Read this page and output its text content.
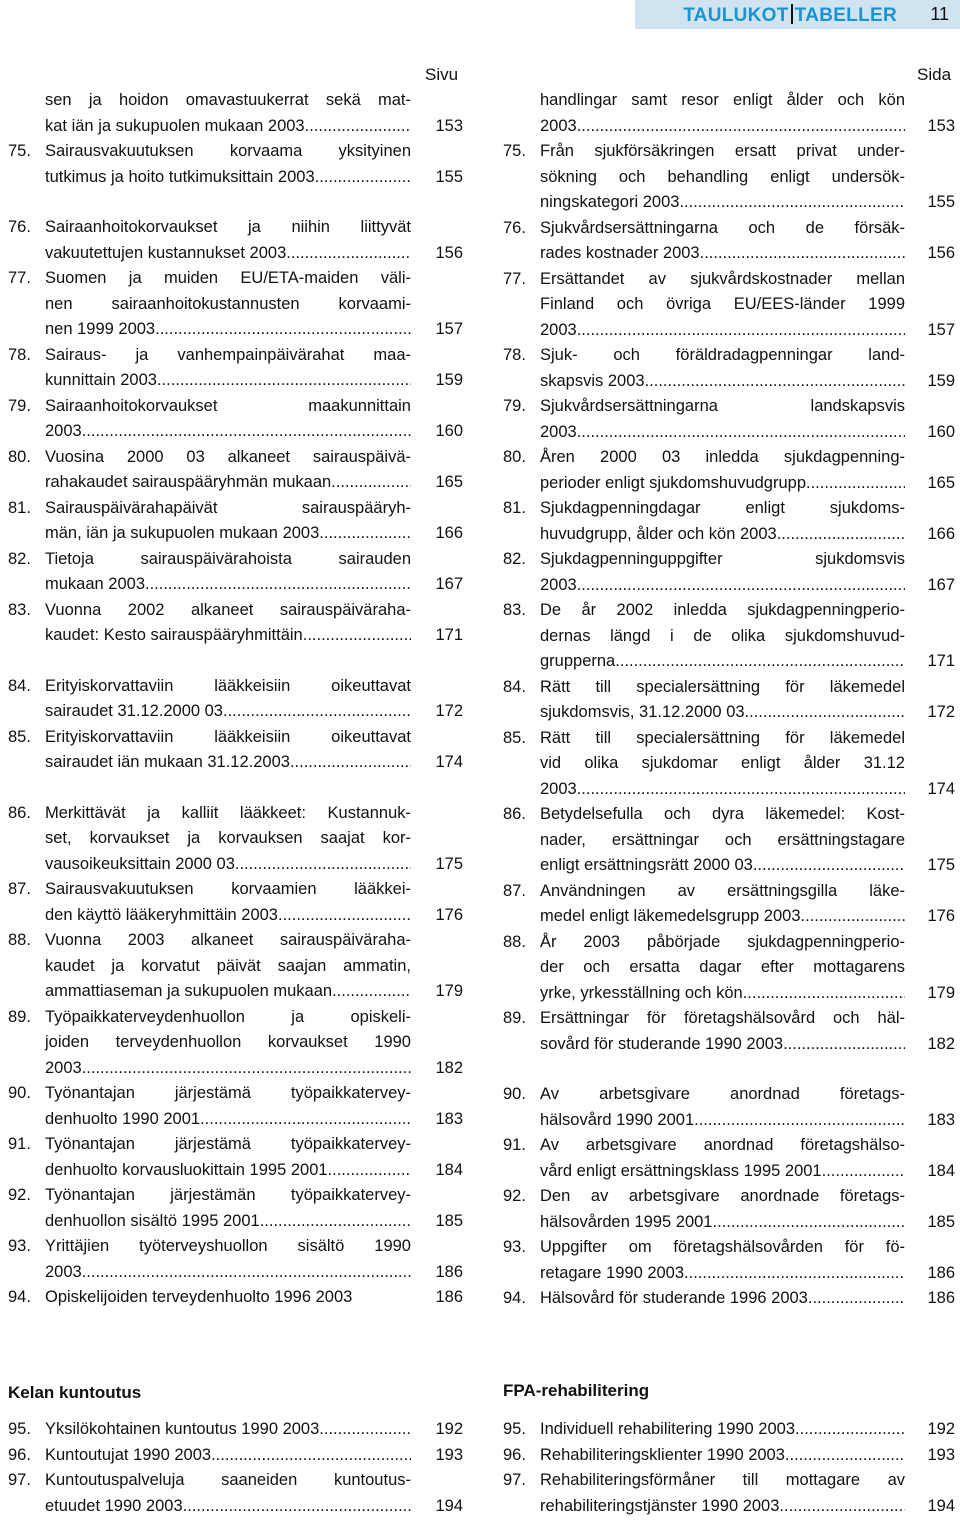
TAULUKOT TABELLER 11
Sivu	Sida
sen ja hoidon omavastuukerrat sekä mat-
kat iän ja sukupuolen mukaan 2003 .....	153
75. Sairausvakuutuksen korvaama yksityinen
tutkimus ja hoito tutkimuksittain 2003 .....	155
76. Sairaanhoitokorvaukset ja niihin liittyvät
vakuutettujen kustannukset 2003 .....	156
77. Suomen ja muiden EU/ETA-maiden väli-
nen sairaanhoitokustannusten korvaami-
nen 1999 2003 .....	157
78. Sairaus- ja vanhempainpäivärahat maa-
kunnittain 2003 .....	159
79. Sairaanhoitokorvaukset maakunnittain
2003 .....	160
80. Vuosina 2000 03 alkaneet sairauspäivä-
rahakaudet sairauspääryhmän mukaan .....	165
81. Sairauspäivärahapäivät sairauspääryh-
män, iän ja sukupuolen mukaan 2003 .....	166
82. Tietoja sairauspäivärahoista sairauden
mukaan 2003 .....	167
83. Vuonna 2002 alkaneet sairauspäiväraha-
kaudet: Kesto sairauspääryhmittäin .....	171
84. Erityiskorvattaviin lääkkeisiin oikeuttavat
sairaudet 31.12.2000 03 .....	172
85. Erityiskorvattaviin lääkkeisiin oikeuttavat
sairaudet iän mukaan 31.12.2003 .....	174
86. Merkittävät ja kalliit lääkkeet: Kustannuk-
set, korvaukset ja korvauksen saajat kor-
vausoikeuksittain 2000 03 .....	175
87. Sairausvakuutuksen korvaamien lääkkei-
den käyttö lääkeryhmittäin 2003 .....	176
88. Vuonna 2003 alkaneet sairauspäiväraha-
kaudet ja korvatut päivät saajan ammatin,
ammattiaseman ja sukupuolen mukaan .....	179
89. Työpaikkaterveydenhuollon ja opiskeli-
joiden terveydenhuollon korvaukset 1990
2003 .....	182
90. Työnantajan järjestämä työpaikkatervey-
denhuolto 1990 2001 .....	183
91. Työnantajan järjestämä työpaikkatervey-
denhuolto korvausluokittain 1995 2001 .....	184
92. Työnantajan järjestämän työpaikkatervey-
denhuollon sisältö 1995 2001 .....	185
93. Yrittäjien työterveyshuollon sisältö 1990
2003 .....	186
94. Opiskelijoiden terveydenhuolto 1996 2003	186
handlingar samt resor enligt ålder och kön
2003 .....	153
75. Från sjukförsäkringen ersatt privat under-
sökning och behandling enligt undersök-
ningskategori 2003 .....	155
76. Sjukvårdsersättningarna och de försäk-
rades kostnader 2003 .....	156
77. Ersättandet av sjukvårdskostnader mellan
Finland och övriga EU/EES-länder 1999
2003 .....	157
78. Sjuk- och föräldradagpenningar land-
skapsvis 2003 .....	159
79. Sjukvårdsersättningarna landskapsvis
2003 .....	160
80. Åren 2000 03 inledda sjukdagpenning-
perioder enligt sjukdomshuvudgrupp .....	165
81. Sjukdagpenningdagar enligt sjukdoms-
huvudgrupp, ålder och kön 2003 .....	166
82. Sjukdagpenninguppgifter sjukdomsvis
2003 .....	167
83. De år 2002 inledda sjukdagpenningperio-
dernas längd i de olika sjukdomshuvud-
grupperna .....	171
84. Rätt till specialersättning för läkemedel
sjukdomsvis, 31.12.2000 03 .....	172
85. Rätt till specialersättning för läkemedel
vid olika sjukdomar enligt ålder 31.12
2003 .....	174
86. Betydelsefulla och dyra läkemedel: Kost-
nader, ersättningar och ersättningstagare
enligt ersättningsrätt 2000 03 .....	175
87. Användningen av ersättningsgilla läke-
medel enligt läkemedelsgrupp 2003 .....	176
88. År 2003 påbörjade sjukdagpenningperio-
der och ersatta dagar efter mottagarens
yrke, yrkesställning och kön .....	179
89. Ersättningar för företagshälsovård och häl-
sovård för studerande 1990 2003 .....	182
90. Av arbetsgivare anordnad företags-
hälsovård 1990 2001 .....	183
91. Av arbetsgivare anordnad företagshälso-
vård enligt ersättningsklass 1995 2001 .....	184
92. Den av arbetsgivare anordnade företags-
hälsovården 1995 2001 .....	185
93. Uppgifter om företagshälsovården för fö-
retagare 1990 2003 .....	186
94. Hälsovård för studerande 1996 2003 .....	186
Kelan kuntoutus	FPA-rehabilitering
95. Yksilökohtainen kuntoutus 1990 2003 .....	192
96. Kuntoutujat 1990 2003 .....	193
97. Kuntoutuspalveluja saaneiden kuntoutus-
etuudet 1990 2003 .....	194
95. Individuell rehabilitering 1990 2003 .....	192
96. Rehabiliteringsklienter 1990 2003 .....	193
97. Rehabiliteringsförmåner till mottagare av
rehabiliteringstjänster 1990 2003 .....	194
